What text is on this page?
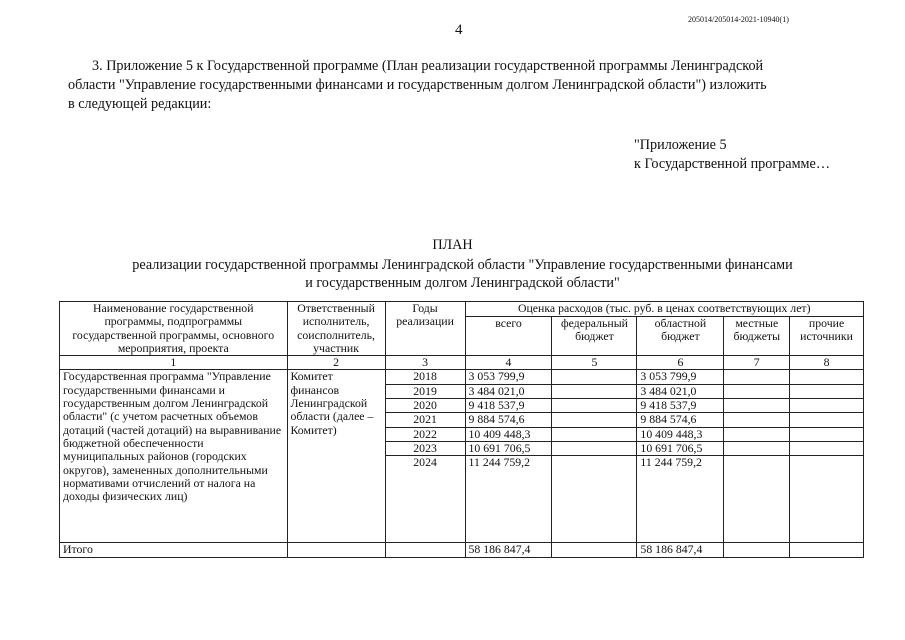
4
205014/205014-2021-10940(1)
3. Приложение 5 к Государственной программе (План реализации государственной программы Ленинградской
области "Управление государственными финансами и государственным долгом Ленинградской области") изложить
в следующей редакции:
"Приложение 5
к Государственной программе…
ПЛАН
реализации государственной программы Ленинградской области "Управление государственными финансами
и государственным долгом Ленинградской области"
Наименование государственной программы, подпрограммы государственной программы, основного мероприятия, проекта	Ответственный исполнитель, соисполнитель, участник	Годы реализации	Оценка расходов (тыс. руб. в ценах соответствующих лет)				
			всего	федеральный бюджет	областной бюджет	местные бюджеты	прочие источники
1	2	3	4	5	6	7	8
Государственная программа "Управление государственными финансами и государственным долгом Ленинградской области" (с учетом расчетных объемов дотаций (частей дотаций) на выравнивание бюджетной обеспеченности муниципальных районов (городских округов), замененных дополнительными нормативами отчислений от налога на доходы физических лиц)	Комитет финансов Ленинградской области (далее – Комитет)	2018	3 053 799,9		3 053 799,9		
		2019	3 484 021,0		3 484 021,0		
		2020	9 418 537,9		9 418 537,9		
		2021	9 884 574,6		9 884 574,6		
		2022	10 409 448,3		10 409 448,3		
		2023	10 691 706,5		10 691 706,5		
		2024	11 244 759,2		11 244 759,2		
Итого			58 186 847,4		58 186 847,4		
